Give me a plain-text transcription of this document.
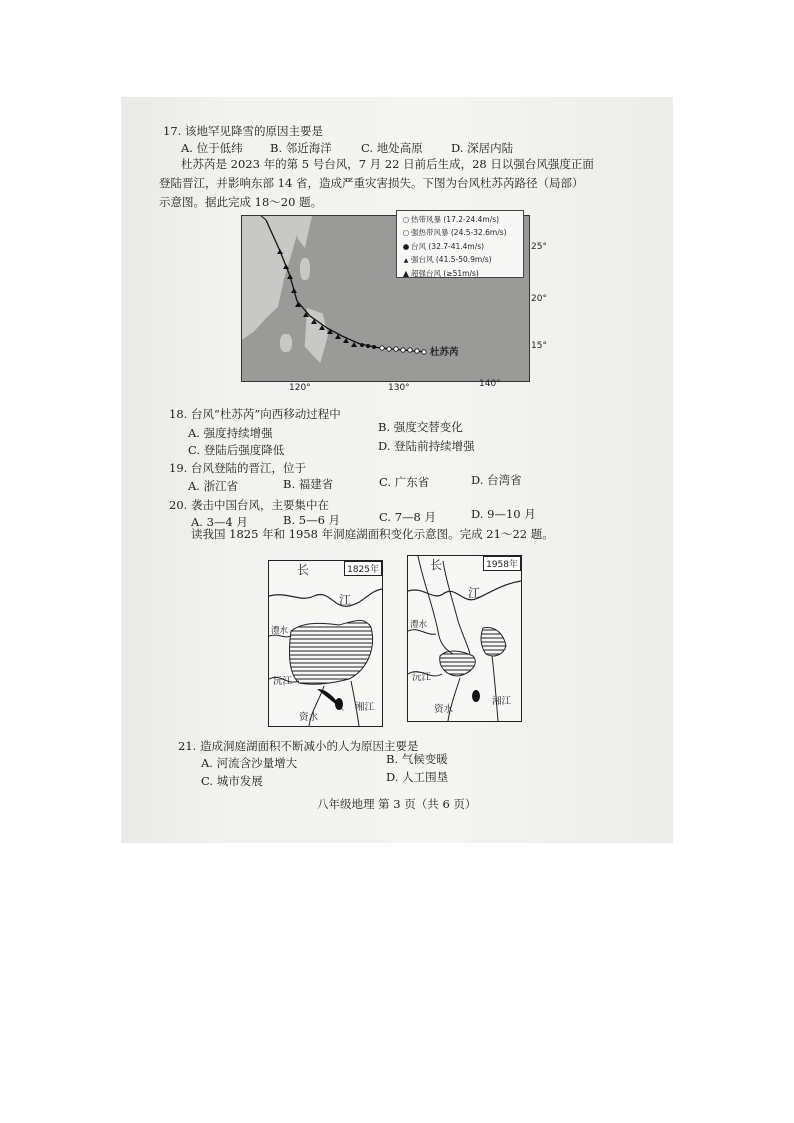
17. 该地罕见降雪的原因主要是
A. 位于低纬 B. 邻近海洋	C. 地处高原 D. 深居内陆
杜苏芮是 2023 年的第 5 号台风，7 月 22 日前后生成，28 日以强台风强度正面
登陆晋江，并影响东部 14 省，造成严重灾害损失。下图为台风杜苏芮路径（局部）
示意图。据此完成 18～20 题。
杜苏芮
○ 热带风暴 (17.2-24.4m/s)
○ 强热带风暴 (24.5-32.6m/s)
● 台风 (32.7-41.4m/s)
▲ 强台风 (41.5-50.9m/s)
▲ 超强台风 (≥51m/s)
25°
20°
15°
120°	130°	140°
18. 台风“杜苏芮”向西移动过程中
A. 强度持续增强	B. 强度交替变化
C. 登陆后强度降低	D. 登陆前持续增强
19. 台风登陆的晋江，位于
A. 浙江省	B. 福建省	C. 广东省	D. 台湾省
20. 袭击中国台风，主要集中在
A. 3—4 月	B. 5—6 月	C. 7—8 月	D. 9—10 月
读我国 1825 年和 1958 年洞庭湖面积变化示意图。完成 21～22 题。
1825年
长
江
澧水
沅江
资水
湘江
1958年
长
江
澧水
沅江
资水
湘江
21. 造成洞庭湖面积不断减小的人为原因主要是
A. 河流含沙量增大	B. 气候变暖
C. 城市发展	D. 人工围垦
八年级地理 第 3 页（共 6 页）
